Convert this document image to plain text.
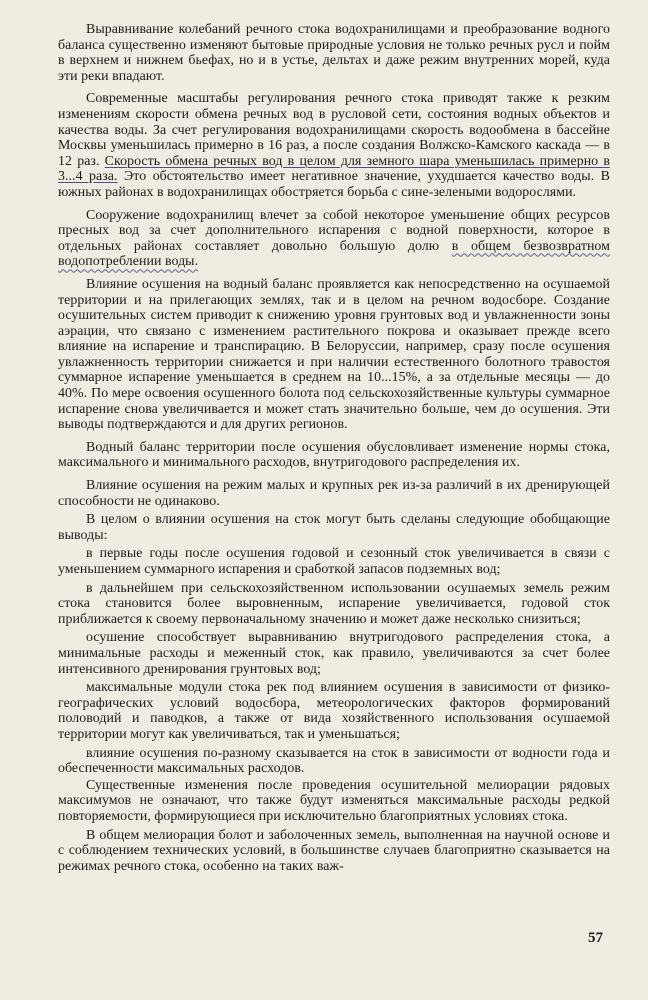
Выравнивание колебаний речного стока водохранилищами и преобразование водного баланса существенно изменяют бытовые природные условия не только речных русл и пойм в верхнем и нижнем бьефах, но и в устье, дельтах и даже режим внутренних морей, куда эти реки впадают.

Современные масштабы регулирования речного стока приводят также к резким изменениям скорости обмена речных вод в русловой сети, состояния водных объектов и качества воды. За счет регулирования водохранилищами скорость водообмена в бассейне Москвы уменьшилась примерно в 16 раз, а после создания Волжско-Камского каскада — в 12 раз. Скорость обмена речных вод в целом для земного шара уменьшилась примерно в 3...4 раза. Это обстоятельство имеет негативное значение, ухудшается качество воды. В южных районах в водохранилищах обостряется борьба с сине-зелеными водорослями.

Сооружение водохранилищ влечет за собой некоторое уменьшение общих ресурсов пресных вод за счет дополнительного испарения с водной поверхности, которое в отдельных районах составляет довольно большую долю в общем безвозвратном водопотреблении воды.

Влияние осушения на водный баланс проявляется как непосредственно на осушаемой территории и на прилегающих землях, так и в целом на речном водосборе. Создание осушительных систем приводит к снижению уровня грунтовых вод и увлажненности зоны аэрации, что связано с изменением растительного покрова и оказывает прежде всего влияние на испарение и транспирацию. В Белоруссии, например, сразу после осушения увлажненность территории снижается и при наличии естественного болотного травостоя суммарное испарение уменьшается в среднем на 10...15%, а за отдельные месяцы — до 40%. По мере освоения осушенного болота под сельскохозяйственные культуры суммарное испарение снова увеличивается и может стать значительно больше, чем до осушения. Эти выводы подтверждаются и для других регионов.

Водный баланс территории после осушения обусловливает изменение нормы стока, максимального и минимального расходов, внутригодового распределения их.

Влияние осушения на режим малых и крупных рек из-за различий в их дренирующей способности не одинаково.

В целом о влиянии осушения на сток могут быть сделаны следующие обобщающие выводы:

в первые годы после осушения годовой и сезонный сток увеличивается в связи с уменьшением суммарного испарения и сработкой запасов подземных вод;

в дальнейшем при сельскохозяйственном использовании осушаемых земель режим стока становится более выровненным, испарение увеличивается, годовой сток приближается к своему первоначальному значению и может даже несколько снизиться;

осушение способствует выравниванию внутригодового распределения стока, а минимальные расходы и меженный сток, как правило, увеличиваются за счет более интенсивного дренирования грунтовых вод;

максимальные модули стока рек под влиянием осушения в зависимости от физико-географических условий водосбора, метеорологических факторов формирований половодий и паводков, а также от вида хозяйственного использования осушаемой территории могут как увеличиваться, так и уменьшаться;

влияние осушения по-разному сказывается на сток в зависимости от водности года и обеспеченности максимальных расходов.

Существенные изменения после проведения осушительной мелиорации рядовых максимумов не означают, что также будут изменяться максимальные расходы редкой повторяемости, формирующиеся при исключительно благоприятных условиях стока.

В общем мелиорация болот и заболоченных земель, выполненная на научной основе и с соблюдением технических условий, в большинстве случаев благоприятно сказывается на режимах речного стока, особенно на таких важ-

57
